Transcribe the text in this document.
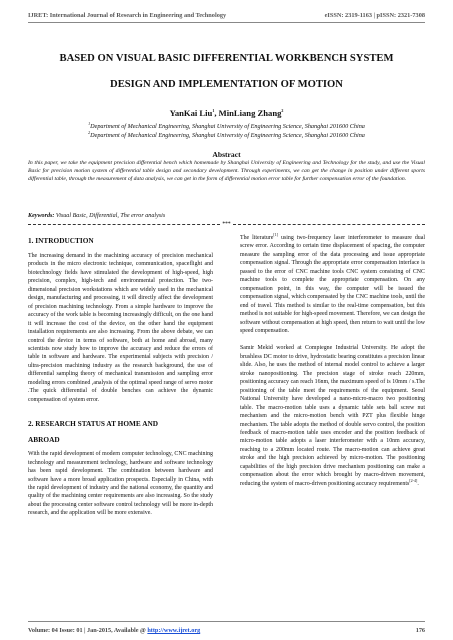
IJRET: International Journal of Research in Engineering and Technology	eISSN: 2319-1163 | pISSN: 2321-7308
BASED ON VISUAL BASIC DIFFERENTIAL WORKBENCH SYSTEM
DESIGN AND IMPLEMENTATION OF MOTION
YanKai Liu$^1$, MinLiang Zhang$^2$
$^1$Department of Mechanical Engineering, Shanghai University of Engineering Science, Shanghai 201600 China
$^2$Department of Mechanical Engineering, Shanghai University of Engineering Science, Shanghai 201600 China
Abstract
In this paper, we take the equipment precision differential bench which homemade by Shanghai University of Engineering and Technology for the study, and use the Visual Basic for precision motion system of differential table design and secondary development. Through experiments, we can get the change in position under different sports differential table, through the measurement of data analysis, we can get in the form of differential motion error table for further compensation error of the foundation.
Keywords: Visual Basic, Differential, The error analysis
***
1. INTRODUCTION

The increasing demand in the machining accuracy of precision mechanical products in the micro electronic technique, communication, spaceflight and biotechnology fields have stimulated the development of high-speed, high precision, complex, high-tech and environmental protection. The two-dimensional precision workstations which are widely used in the mechanical design, manufacturing and processing, it will directly affect the development of precision machining technology. From a simple hardware to improve the accuracy of the work table is becoming increasingly difficult, on the one hand it will increase the cost of the device, on the other hand the equipment installation requirements are also increasing. From the above debate, we can control the device in terms of software, both at home and abroad, many scientists now study how to improve the accuracy and reduce the errors of table in software and hardware. The experimental subjects with precision / ultra-precision machining industry as the research background, the use of differential sampling theory of mechanical transmission and sampling error modeling errors combined ,analysis of the optimal speed range of servo motor .The quick differential of double benches can achieve the dynamic compensation of system error.

2. RESEARCH STATUS AT HOME AND
ABROAD

With the rapid development of modern computer technology, CNC machining technology and measurement technology, hardware and software technology has been rapid development. The combination between hardware and software have a more broad application prospects. Especially in China, with the rapid development of industry and the national economy, the quantity and quality of the machining center requirements are also increasing. So the study about the processing center software control technology will be more in-depth research, and the application will be more extensive.

The literature[1] using two-frequency laser interferometer to measure dual screw error. According to certain time displacement of spacing, the computer measure the sampling error of the data processing and issue appropriate compensation signal. Through the appropriate error compensation interface is passed to the error of CNC machine tools CNC system consisting of CNC machine tools to complete the appropriate compensation. On any compensation point, in this way, the computer will be issued the compensation signal, which compensated by the CNC machine tools, until the end of travel. This method is similar to the real-time compensation, but this method is not suitable for high-speed movement. Therefore, we can design the software without compensation at high speed, then return to wait until the low speed compensation.

Samir Mekid worked at Compiegne Industrial University. He adopt the brushless DC motor to drive, hydrostatic bearing constitutes a precision linear slide. Also, he uses the method of internal model control to achieve a larger stroke nanopositioning. The precision stage of stroke reach 220mm, positioning accuracy can reach 16nm, the maximum speed of is 10mm / s.The positioning of the table meet the requirements of the equipment. Seoul National University have developed a nano-micro-macro two positioning table. The macro-motion table uses a dynamic table sets ball screw nut mechanism and the micro-motion bench with PZT plus flexible hinge mechanism. The table adopts the method of double servo control, the position feedback of macro-motion table uses encoder and the position feedback of micro-motion table adopts a laser interferometer with a 10nm accuracy, reaching to a 200mm located route. The macro-motion can achieve great stroke and the high precision achieved by micro-motion. The positioning capabilities of the high precision drive mechanism positioning can make a compensation about the error which brought by macro-driven movement, reducing the system of macro-driven positioning accuracy requirements[2-4].

Volume: 04 Issue: 01 | Jan-2015, Available @ http://www.ijret.org	176
